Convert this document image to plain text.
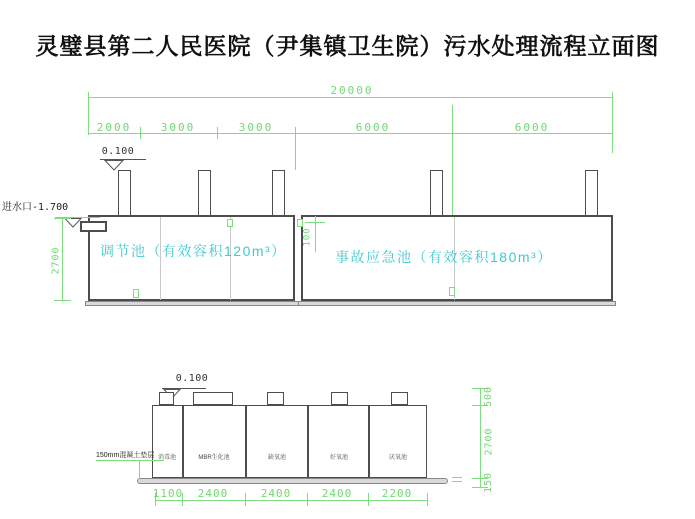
灵璧县第二人民医院（尹集镇卫生院）污水处理流程立面图
20000
2000	3000	3000	6000	6000
0.100
进水口-1.700
2700
100
调节池（有效容积120m³）	事故应急池（有效容积180m³）
0.100
消毒池	MBR生化池	缺氧池	好氧池	厌氧池
150mm混凝土垫层
1100	2400	2400	2400	2200
500
2700
150
